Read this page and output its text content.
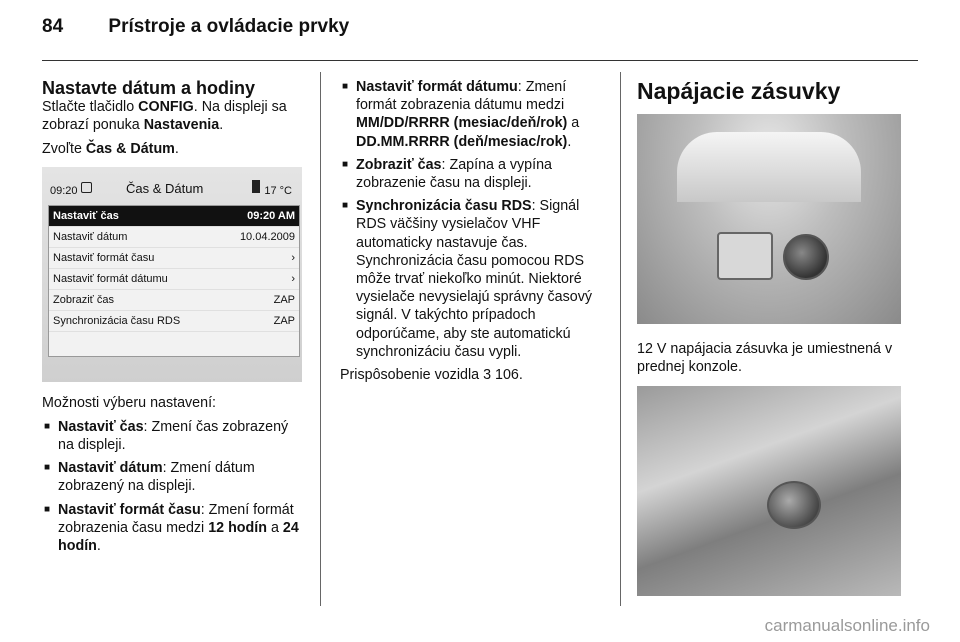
84 Prístroje a ovládacie prvky
Nastavte dátum a hodiny

Stlačte tlačidlo CONFIG. Na displeji sa zobrazí ponuka Nastavenia.

Zvoľte Čas & Dátum.

09:20	Čas & Dátum	17 °C
Nastaviť čas	09:20 AM
Nastaviť dátum	10.04.2009
Nastaviť formát času	›
Nastaviť formát dátumu	›
Zobraziť čas	ZAP
Synchronizácia času RDS	ZAP

Možnosti výberu nastavení:

■ Nastaviť čas: Zmení čas zobrazený na displeji.
■ Nastaviť dátum: Zmení dátum zobrazený na displeji.
■ Nastaviť formát času: Zmení formát zobrazenia času medzi 12 hodín a 24 hodín.
■ Nastaviť formát dátumu: Zmení formát zobrazenia dátumu medzi MM/DD/RRRR (mesiac/deň/rok) a DD.MM.RRRR (deň/mesiac/rok).
■ Zobraziť čas: Zapína a vypína zobrazenie času na displeji.
■ Synchronizácia času RDS: Signál RDS väčšiny vysielačov VHF automaticky nastavuje čas. Synchronizácia času pomocou RDS môže trvať niekoľko minút. Niektoré vysielače nevysielajú správny časový signál. V takýchto prípadoch odporúčame, aby ste automatickú synchronizáciu času vypli.

Prispôsobenie vozidla 3 106.

Napájacie zásuvky

12 V napájacia zásuvka je umiestnená v prednej konzole.

carmanualsonline.info
